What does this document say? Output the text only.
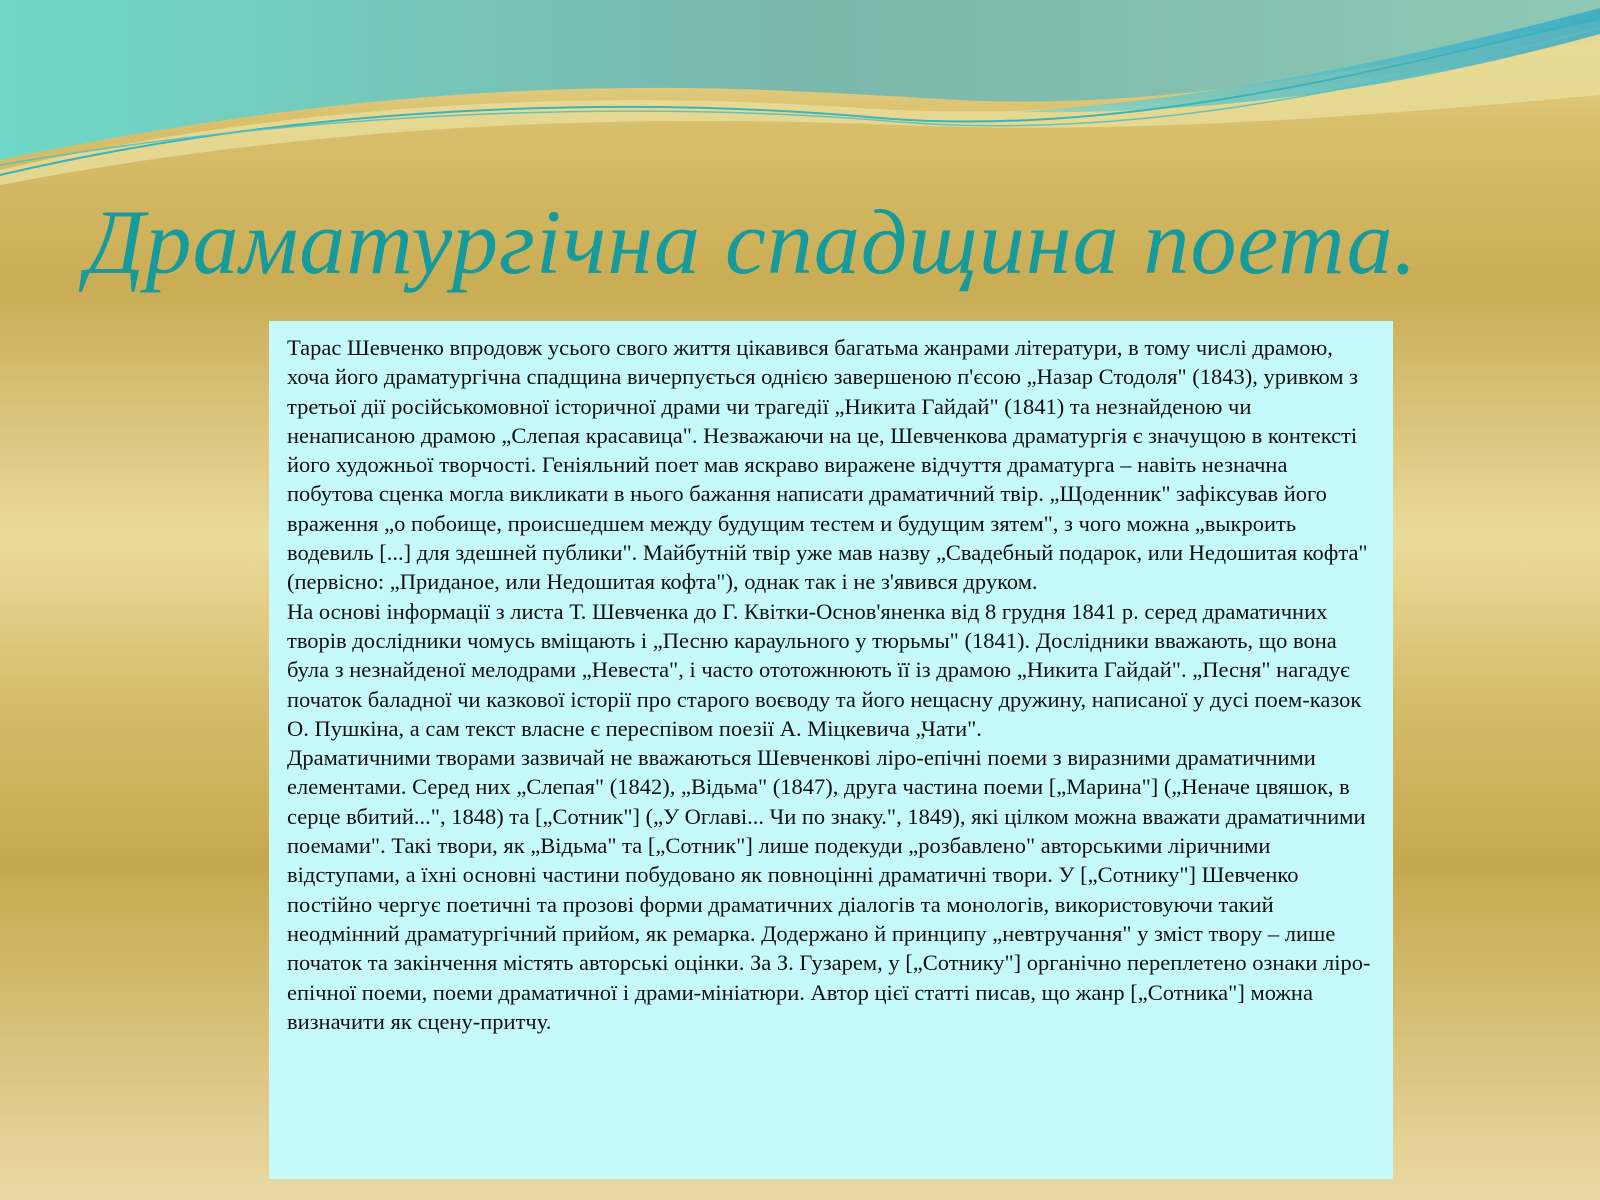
Драматургічна спадщина поета.

Тарас Шевченко впродовж усього свого життя цікавився багатьма жанрами літератури, в тому числі драмою, хоча його драматургічна спадщина вичерпується однією завершеною п'єсою „Назар Стодоля" (1843), уривком з третьої дії російськомовної історичної драми чи трагедії „Никита Гайдай" (1841) та незнайденою чи ненаписаною драмою „Слепая красавица". Незважаючи на це, Шевченкова драматургія є значущою в контексті його художньої творчості. Геніяльний поет мав яскраво виражене відчуття драматурга – навіть незначна побутова сценка могла викликати в нього бажання написати драматичний твір. „Щоденник" зафіксував його враження „о побоище, происшедшем между будущим тестем и будущим зятем", з чого можна „выкроить водевиль [...] для здешней публики". Майбутній твір уже мав назву „Свадебный подарок, или Недошитая кофта" (первісно: „Приданое, или Недошитая кофта"), однак так і не з'явився друком.

На основі інформації з листа Т. Шевченка до Г. Квітки-Основ'яненка від 8 грудня 1841 р. серед драматичних творів дослідники чомусь вміщають і „Песню караульного у тюрьмы" (1841). Дослідники вважають, що вона була з незнайденої мелодрами „Невеста", і часто ототожнюють її із драмою „Никита Гайдай". „Песня" нагадує початок баладної чи казкової історії про старого воєводу та його нещасну дружину, написаної у дусі поем-казок О. Пушкіна, а сам текст власне є переспівом поезії А. Міцкевича „Чати".

Драматичними творами зазвичай не вважаються Шевченкові ліро-епічні поеми з виразними драматичними елементами. Серед них „Слепая" (1842), „Відьма" (1847), друга частина поеми [„Марина"] („Неначе цвяшок, в серце вбитий...", 1848) та [„Сотник"] („У Оглаві... Чи по знаку.", 1849), які цілком можна вважати драматичними поемами". Такі твори, як „Відьма" та [„Сотник"] лише подекуди „розбавлено" авторськими ліричними відступами, а їхні основні частини побудовано як повноцінні драматичні твори. У [„Сотнику"] Шевченко постійно чергує поетичні та прозові форми драматичних діалогів та монологів, використовуючи такий неодмінний драматургічний прийом, як ремарка. Додержано й принципу „невтручання" у зміст твору – лише початок та закінчення містять авторські оцінки. За З. Гузарем, у [„Сотнику"] органічно переплетено ознаки ліро-епічної поеми, поеми драматичної і драми-мініатюри. Автор цієї статті писав, що жанр [„Сотника"] можна визначити як сцену-притчу.
